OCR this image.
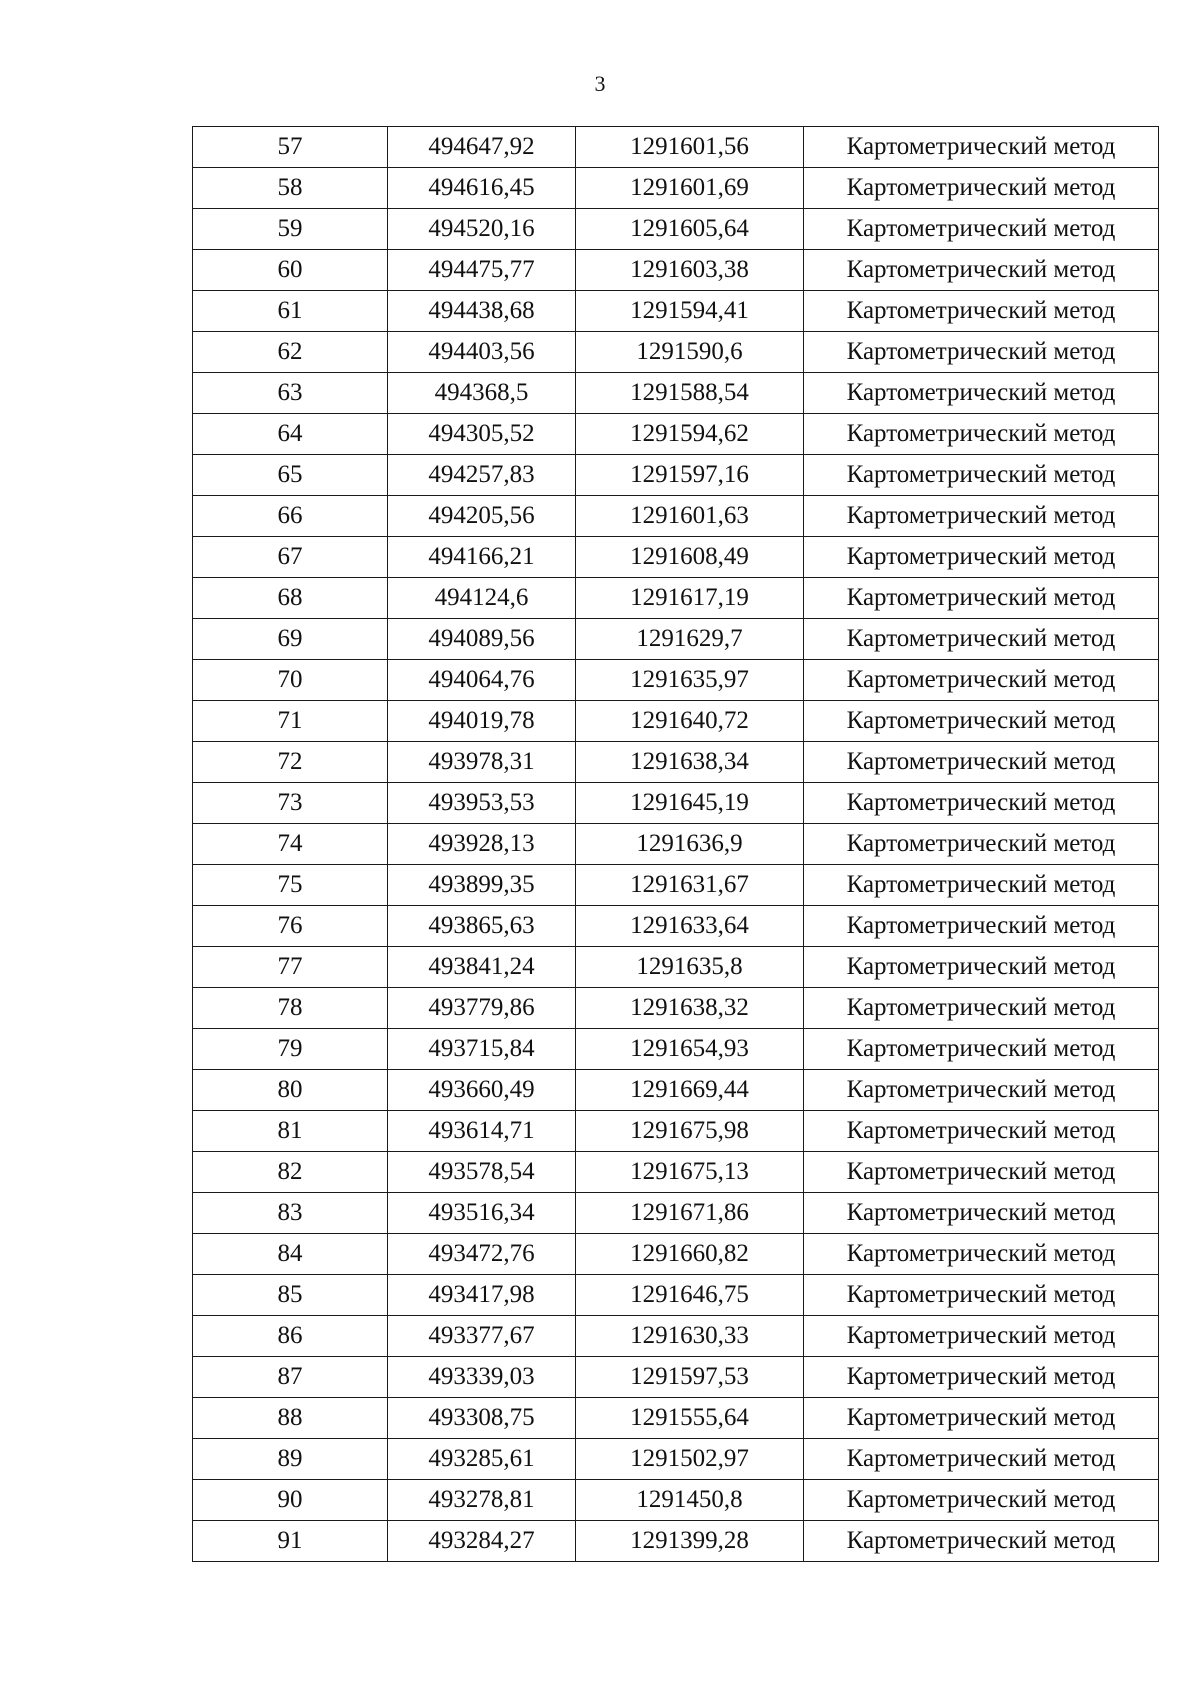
3
57	494647,92	1291601,56	Картометрический метод
58	494616,45	1291601,69	Картометрический метод
59	494520,16	1291605,64	Картометрический метод
60	494475,77	1291603,38	Картометрический метод
61	494438,68	1291594,41	Картометрический метод
62	494403,56	1291590,6	Картометрический метод
63	494368,5	1291588,54	Картометрический метод
64	494305,52	1291594,62	Картометрический метод
65	494257,83	1291597,16	Картометрический метод
66	494205,56	1291601,63	Картометрический метод
67	494166,21	1291608,49	Картометрический метод
68	494124,6	1291617,19	Картометрический метод
69	494089,56	1291629,7	Картометрический метод
70	494064,76	1291635,97	Картометрический метод
71	494019,78	1291640,72	Картометрический метод
72	493978,31	1291638,34	Картометрический метод
73	493953,53	1291645,19	Картометрический метод
74	493928,13	1291636,9	Картометрический метод
75	493899,35	1291631,67	Картометрический метод
76	493865,63	1291633,64	Картометрический метод
77	493841,24	1291635,8	Картометрический метод
78	493779,86	1291638,32	Картометрический метод
79	493715,84	1291654,93	Картометрический метод
80	493660,49	1291669,44	Картометрический метод
81	493614,71	1291675,98	Картометрический метод
82	493578,54	1291675,13	Картометрический метод
83	493516,34	1291671,86	Картометрический метод
84	493472,76	1291660,82	Картометрический метод
85	493417,98	1291646,75	Картометрический метод
86	493377,67	1291630,33	Картометрический метод
87	493339,03	1291597,53	Картометрический метод
88	493308,75	1291555,64	Картометрический метод
89	493285,61	1291502,97	Картометрический метод
90	493278,81	1291450,8	Картометрический метод
91	493284,27	1291399,28	Картометрический метод
